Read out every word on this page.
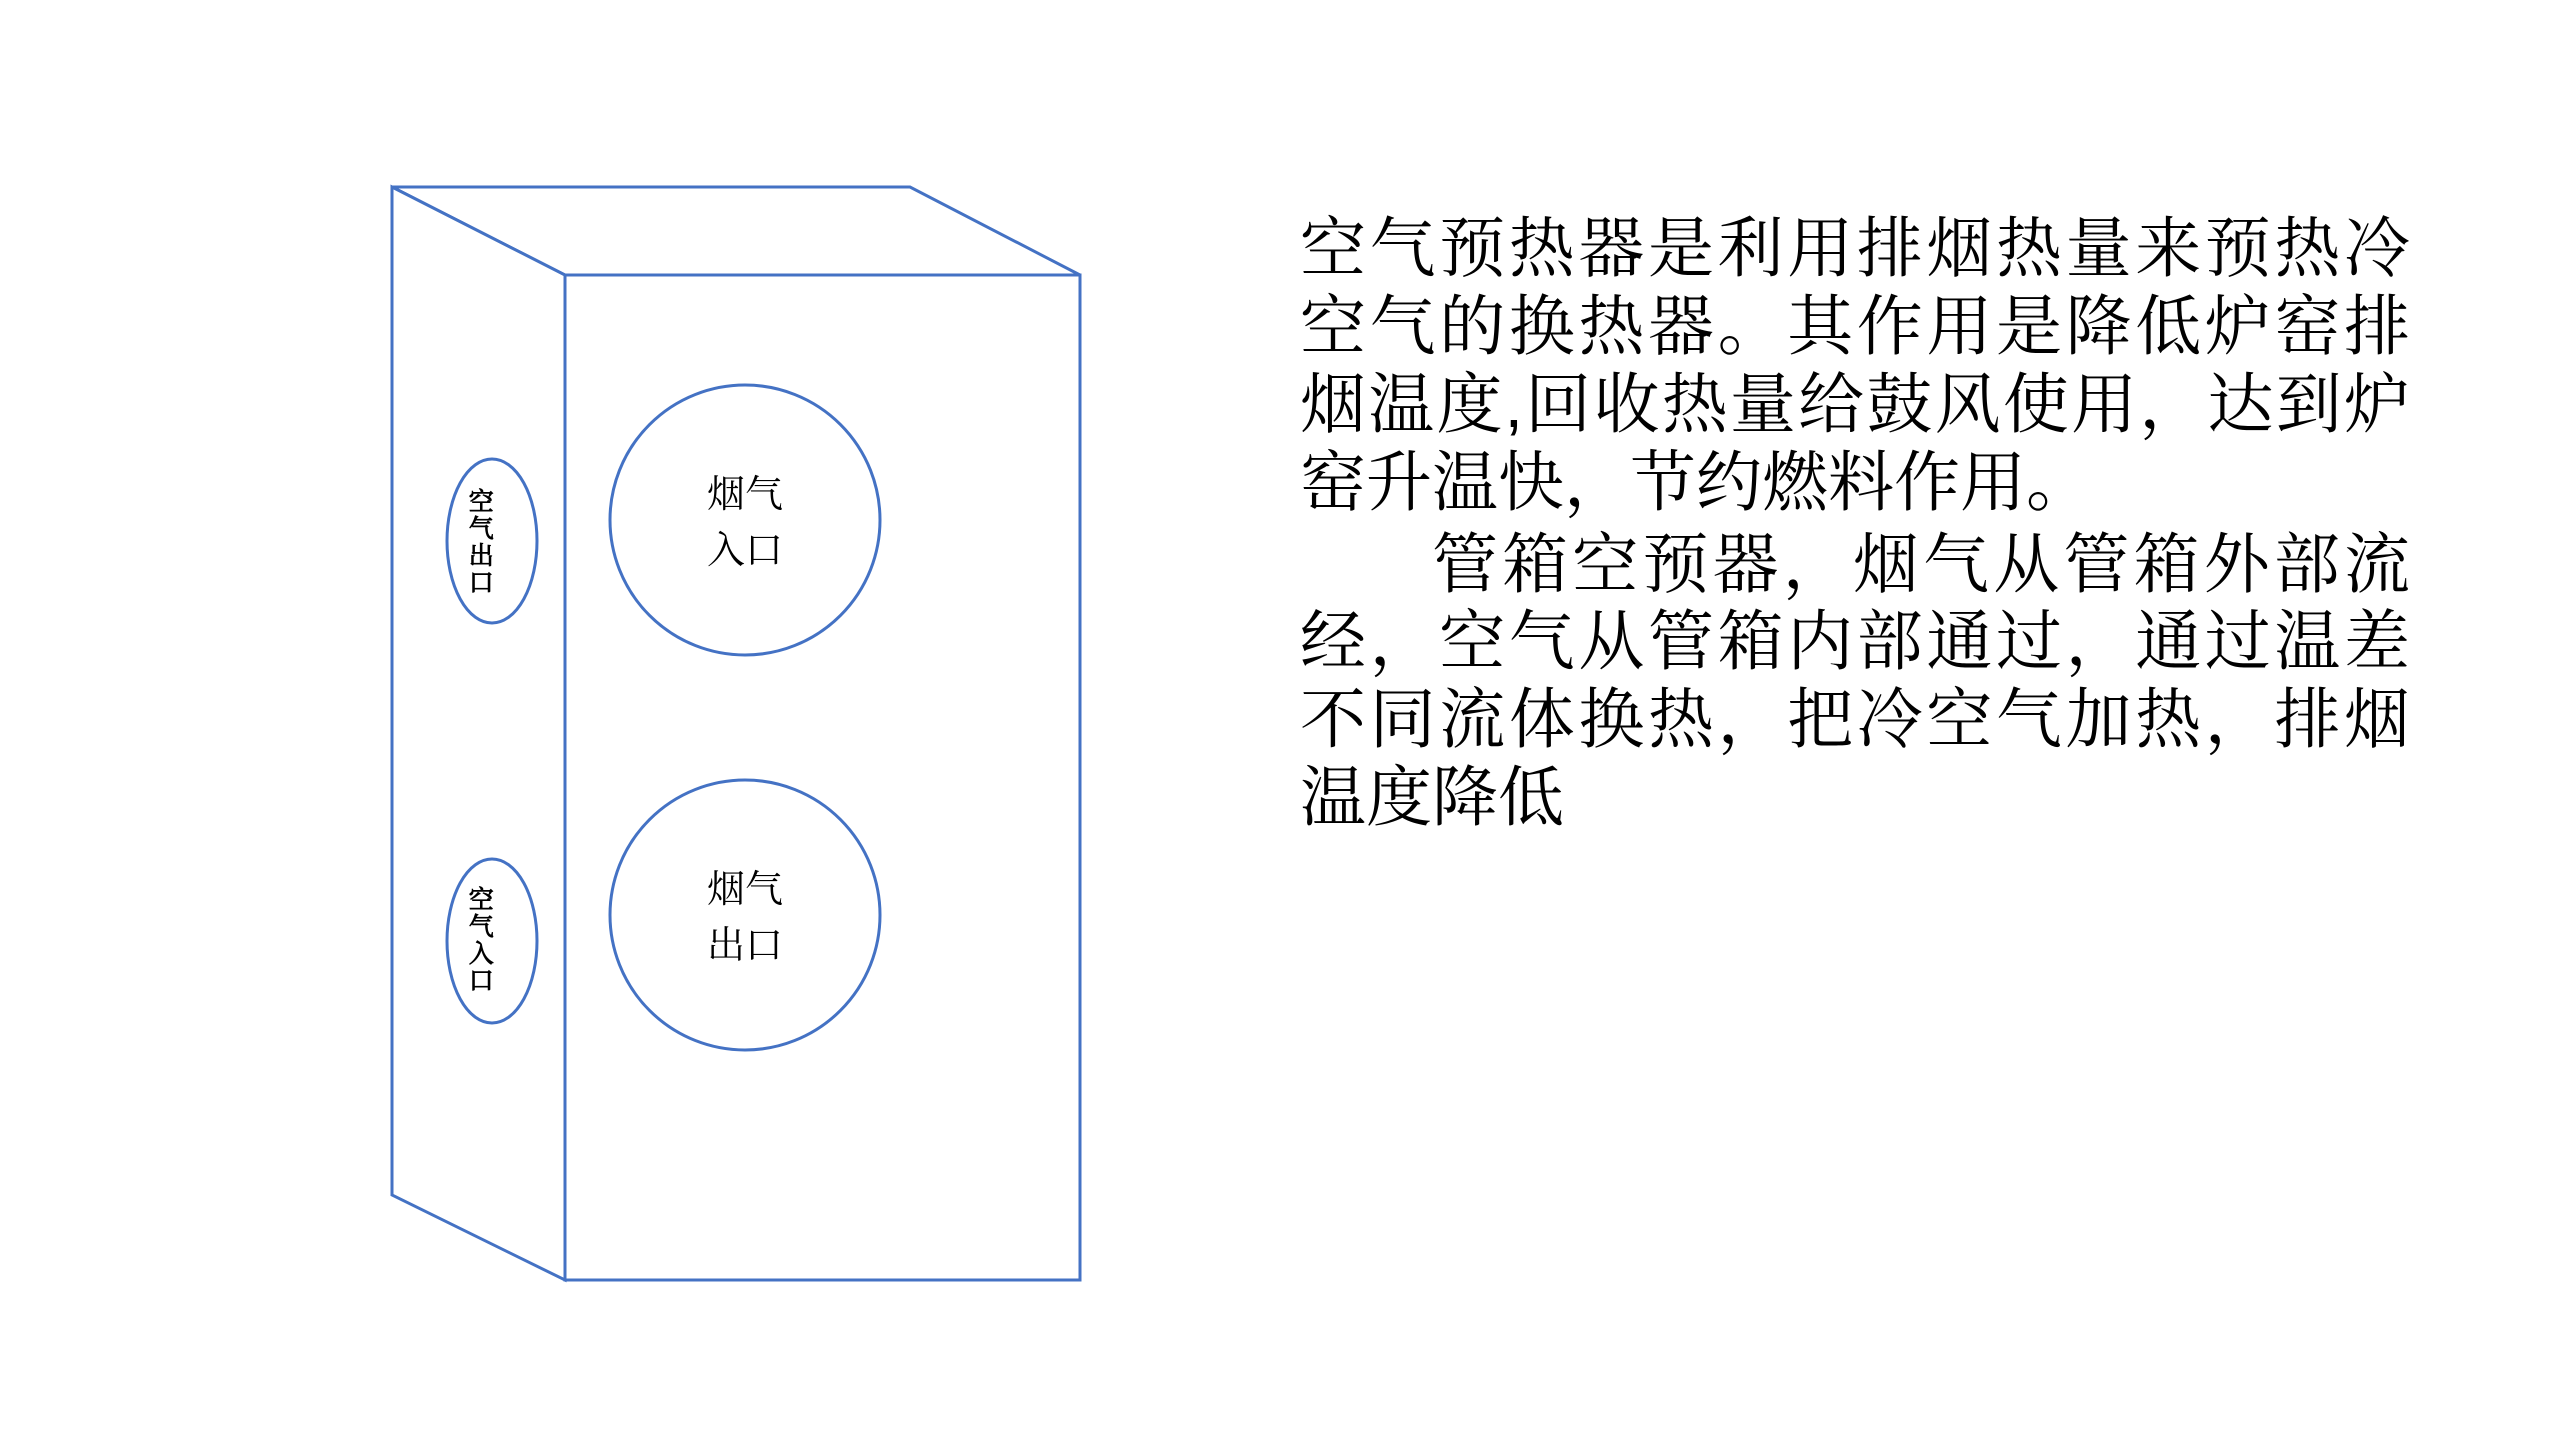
烟气
入口
烟气
出口
空气出口
空气入口

空气预热器是利用排烟热量来预热冷空气的换热器。其作用是降低炉窑排烟温度,回收热量给鼓风使用，达到炉窑升温快，节约燃料作用。

管箱空预器，烟气从管箱外部流经，空气从管箱内部通过，通过温差不同流体换热，把冷空气加热，排烟温度降低
